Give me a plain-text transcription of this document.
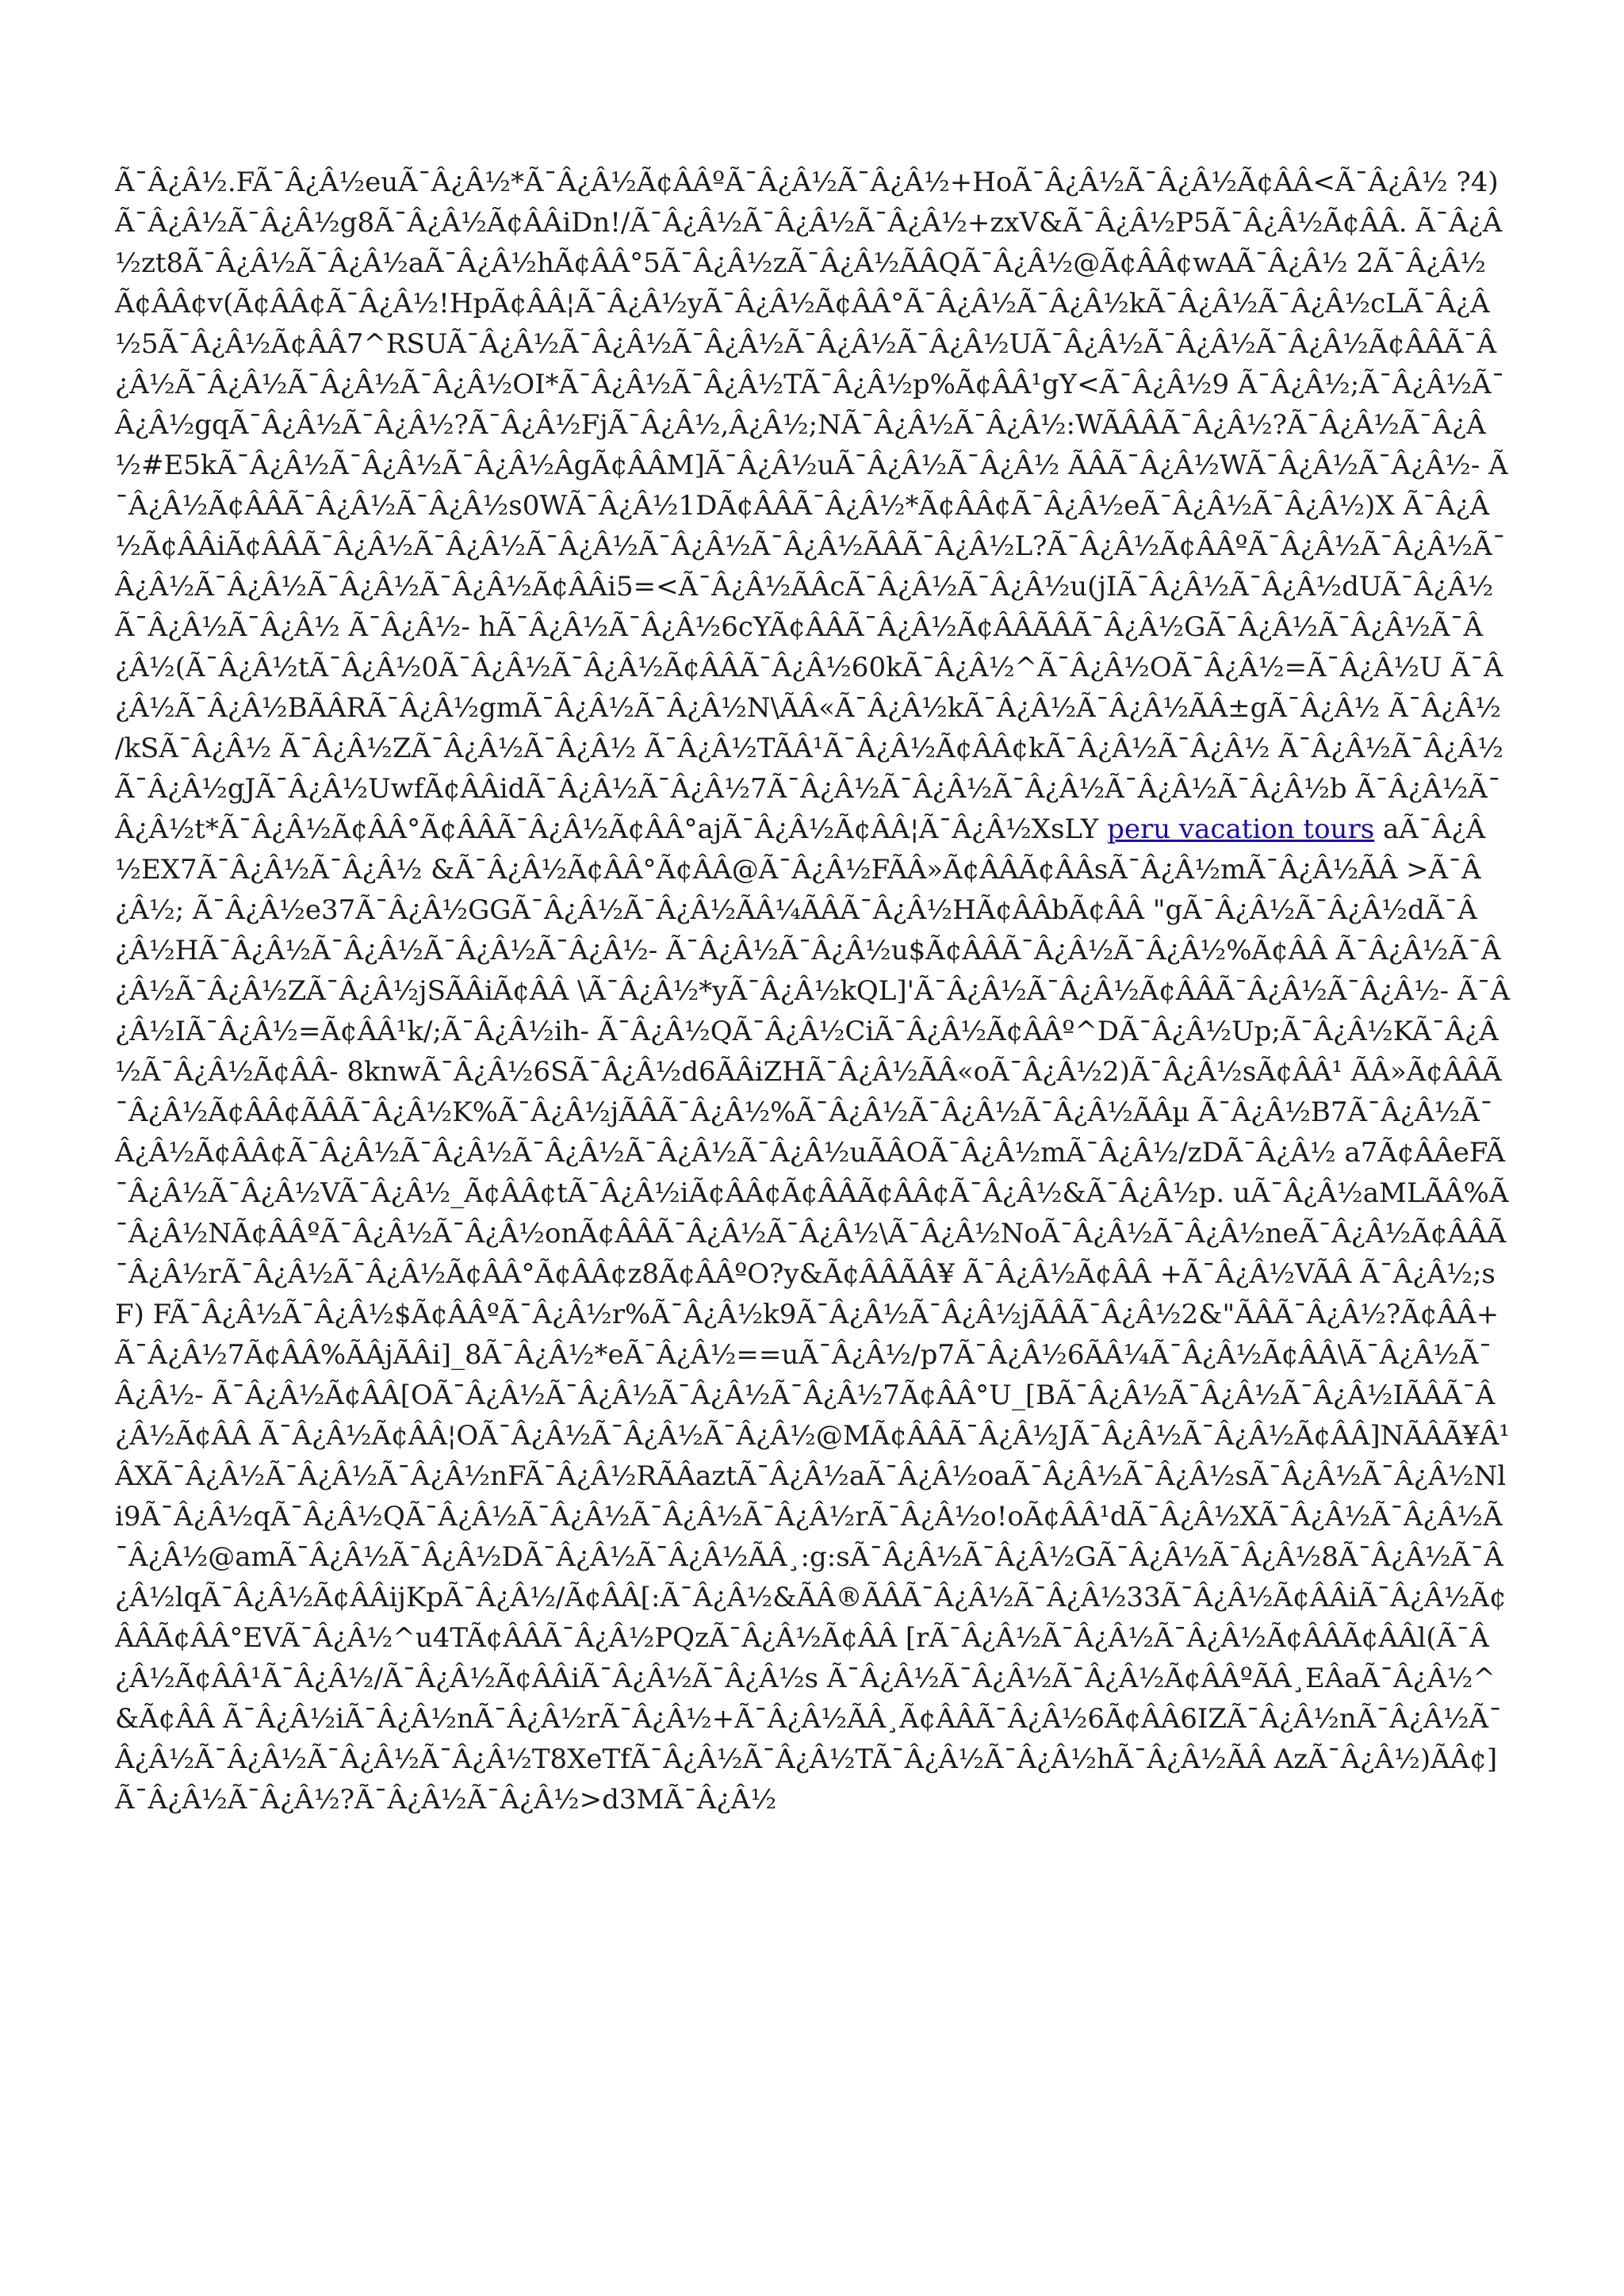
Ã¯Â¿Â½.FÃ¯Â¿Â½euÃ¯Â¿Â½*Ã¯Â¿Â½Ã¢ÂÂºÃ¯Â¿Â½Ã¯Â¿Â½+HoÃ¯Â¿Â½Ã¯Â¿Â½Ã¢ÂÂ<Ã¯Â¿Â½ ?4)Ã¯Â¿Â½Ã¯Â¿Â½g8Ã¯Â¿Â½Ã¢ÂÂiDn!/Ã¯Â¿Â½Ã¯Â¿Â½Ã¯Â¿Â½+zxV&Ã¯Â¿Â½P5Ã¯Â¿Â½Ã¢ÂÂ. Ã¯Â¿Â½zt8Ã¯Â¿Â½Ã¯Â¿Â½aÃ¯Â¿Â½hÃ¢ÂÂ°5Ã¯Â¿Â½zÃ¯Â¿Â½ÃÂQÃ¯Â¿Â½@Ã¢ÂÂ¢wAÃ¯Â¿Â½ 2Ã¯Â¿Â½Ã¢ÂÂ¢v(Ã¢ÂÂ¢Ã¯Â¿Â½!HpÃ¢ÂÂ¦Ã¯Â¿Â½yÃ¯Â¿Â½Ã¢ÂÂ°Ã¯Â¿Â½Ã¯Â¿Â½kÃ¯Â¿Â½Ã¯Â¿Â½cLÃ¯Â¿Â½5Ã¯Â¿Â½Ã¢ÂÂ7^RSUÃ¯Â¿Â½Ã¯Â¿Â½Ã¯Â¿Â½Ã¯Â¿Â½Ã¯Â¿Â½UÃ¯Â¿Â½Ã¯Â¿Â½Ã¯Â¿Â½Ã¢ÂÂÃ¯Â¿Â½Ã¯Â¿Â½Ã¯Â¿Â½Ã¯Â¿Â½OI*Ã¯Â¿Â½Ã¯Â¿Â½TÃ¯Â¿Â½p%Ã¢ÂÂ¹gY<Ã¯Â¿Â½9 Ã¯Â¿Â½;Ã¯Â¿Â½Ã¯Â¿Â½gqÃ¯Â¿Â½Ã¯Â¿Â½?Ã¯Â¿Â½FjÃ¯Â¿Â½,Â¿Â½;NÃ¯Â¿Â½Ã¯Â¿Â½:WÃÂÂÃ¯Â¿Â½?Ã¯Â¿Â½Ã¯Â¿Â½#E5kÃ¯Â¿Â½Ã¯Â¿Â½Ã¯Â¿Â½ÂgÃ¢ÂÂM]Ã¯Â¿Â½uÃ¯Â¿Â½Ã¯Â¿Â½ ÃÂÃ¯Â¿Â½WÃ¯Â¿Â½Ã¯Â¿Â½- Ã¯Â¿Â½Ã¢ÂÂÃ¯Â¿Â½Ã¯Â¿Â½s0WÃ¯Â¿Â½1DÃ¢ÂÂÃ¯Â¿Â½*Ã¢ÂÂ¢Ã¯Â¿Â½eÃ¯Â¿Â½Ã¯Â¿Â½)X Ã¯Â¿Â½Ã¢ÂÂiÃ¢ÂÂÃ¯Â¿Â½Ã¯Â¿Â½Ã¯Â¿Â½Ã¯Â¿Â½Ã¯Â¿Â½ÃÂÃ¯Â¿Â½L?Ã¯Â¿Â½Ã¢ÂÂºÃ¯Â¿Â½Ã¯Â¿Â½Ã¯Â¿Â½Ã¯Â¿Â½Ã¯Â¿Â½Ã¯Â¿Â½Ã¢ÂÂi5=<Ã¯Â¿Â½ÃÂcÃ¯Â¿Â½Ã¯Â¿Â½u(jIÃ¯Â¿Â½Ã¯Â¿Â½dUÃ¯Â¿Â½Ã¯Â¿Â½Ã¯Â¿Â½ Ã¯Â¿Â½- hÃ¯Â¿Â½Ã¯Â¿Â½6cYÃ¢ÂÂÃ¯Â¿Â½Ã¢ÂÂÃÂÃ¯Â¿Â½GÃ¯Â¿Â½Ã¯Â¿Â½Ã¯Â¿Â½(Ã¯Â¿Â½tÃ¯Â¿Â½0Ã¯Â¿Â½Ã¯Â¿Â½Ã¢ÂÂÃ¯Â¿Â½60kÃ¯Â¿Â½^Ã¯Â¿Â½OÃ¯Â¿Â½=Ã¯Â¿Â½U Ã¯Â¿Â½Ã¯Â¿Â½BÃÂRÃ¯Â¿Â½gmÃ¯Â¿Â½Ã¯Â¿Â½N\ÃÂ«Ã¯Â¿Â½kÃ¯Â¿Â½Ã¯Â¿Â½ÃÂ±gÃ¯Â¿Â½ Ã¯Â¿Â½ /kSÃ¯Â¿Â½ Ã¯Â¿Â½ZÃ¯Â¿Â½Ã¯Â¿Â½ Ã¯Â¿Â½TÃÂ¹Ã¯Â¿Â½Ã¢ÂÂ¢kÃ¯Â¿Â½Ã¯Â¿Â½ Ã¯Â¿Â½Ã¯Â¿Â½Ã¯Â¿Â½gJÃ¯Â¿Â½UwfÃ¢ÂÂidÃ¯Â¿Â½Ã¯Â¿Â½7Ã¯Â¿Â½Ã¯Â¿Â½Ã¯Â¿Â½Ã¯Â¿Â½Ã¯Â¿Â½b Ã¯Â¿Â½Ã¯Â¿Â½t*Ã¯Â¿Â½Ã¢ÂÂ°Ã¢ÂÂÃ¯Â¿Â½Ã¢ÂÂ°ajÃ¯Â¿Â½Ã¢ÂÂ¦Ã¯Â¿Â½XsLY peru vacation tours aÃ¯Â¿Â½EX7Ã¯Â¿Â½Ã¯Â¿Â½ &Ã¯Â¿Â½Ã¢ÂÂ°Ã¢ÂÂ@Ã¯Â¿Â½FÃÂ»Ã¢ÂÂÃ¢ÂÂsÃ¯Â¿Â½mÃ¯Â¿Â½ÃÂ >Ã¯Â¿Â½; Ã¯Â¿Â½e37Ã¯Â¿Â½GGÃ¯Â¿Â½Ã¯Â¿Â½ÃÂ¼ÃÂÃ¯Â¿Â½HÃ¢ÂÂbÃ¢ÂÂ "gÃ¯Â¿Â½Ã¯Â¿Â½dÃ¯Â¿Â½HÃ¯Â¿Â½Ã¯Â¿Â½Ã¯Â¿Â½Ã¯Â¿Â½- Ã¯Â¿Â½Ã¯Â¿Â½u$Ã¢ÂÂÃ¯Â¿Â½Ã¯Â¿Â½%Ã¢ÂÂ Ã¯Â¿Â½Ã¯Â¿Â½Ã¯Â¿Â½ZÃ¯Â¿Â½jSÃÂiÃ¢ÂÂ \Ã¯Â¿Â½*yÃ¯Â¿Â½kQL]'Ã¯Â¿Â½Ã¯Â¿Â½Ã¢ÂÂÃ¯Â¿Â½Ã¯Â¿Â½- Ã¯Â¿Â½IÃ¯Â¿Â½=Ã¢ÂÂ¹k/;Ã¯Â¿Â½ih- Ã¯Â¿Â½QÃ¯Â¿Â½CiÃ¯Â¿Â½Ã¢ÂÂº^DÃ¯Â¿Â½Up;Ã¯Â¿Â½KÃ¯Â¿Â½Ã¯Â¿Â½Ã¢ÂÂ- 8knwÃ¯Â¿Â½6SÃ¯Â¿Â½d6ÃÂiZHÃ¯Â¿Â½ÃÂ«oÃ¯Â¿Â½2)Ã¯Â¿Â½sÃ¢ÂÂ¹ ÃÂ»Ã¢ÂÂÃ¯Â¿Â½Ã¢ÂÂ¢ÃÂÃ¯Â¿Â½K%Ã¯Â¿Â½jÃÂÃ¯Â¿Â½%Ã¯Â¿Â½Ã¯Â¿Â½Ã¯Â¿Â½ÃÂµ Ã¯Â¿Â½B7Ã¯Â¿Â½Ã¯Â¿Â½Ã¢ÂÂ¢Ã¯Â¿Â½Ã¯Â¿Â½Ã¯Â¿Â½Ã¯Â¿Â½Ã¯Â¿Â½uÃÂOÃ¯Â¿Â½mÃ¯Â¿Â½/zDÃ¯Â¿Â½ a7Ã¢ÂÂeFÃ¯Â¿Â½Ã¯Â¿Â½VÃ¯Â¿Â½_Ã¢ÂÂ¢tÃ¯Â¿Â½iÃ¢ÂÂ¢Ã¢ÂÂÃ¢ÂÂ¢Ã¯Â¿Â½&Ã¯Â¿Â½p. uÃ¯Â¿Â½aMLÃÂ%Ã¯Â¿Â½NÃ¢ÂÂºÃ¯Â¿Â½Ã¯Â¿Â½onÃ¢ÂÂÃ¯Â¿Â½Ã¯Â¿Â½\Ã¯Â¿Â½NoÃ¯Â¿Â½Ã¯Â¿Â½neÃ¯Â¿Â½Ã¢ÂÂÃ¯Â¿Â½rÃ¯Â¿Â½Ã¯Â¿Â½Ã¢ÂÂ°Ã¢ÂÂ¢z8Ã¢ÂÂºO?y&Ã¢ÂÂÃÂ¥ Ã¯Â¿Â½Ã¢ÂÂ +Ã¯Â¿Â½VÃÂ Ã¯Â¿Â½;sF) FÃ¯Â¿Â½Ã¯Â¿Â½$Ã¢ÂÂºÃ¯Â¿Â½r%Ã¯Â¿Â½k9Ã¯Â¿Â½Ã¯Â¿Â½jÃÂÃ¯Â¿Â½2&"ÃÂÃ¯Â¿Â½?Ã¢ÂÂ+Ã¯Â¿Â½7Ã¢ÂÂ%ÃÂjÃÂi]_8Ã¯Â¿Â½*eÃ¯Â¿Â½==uÃ¯Â¿Â½/p7Ã¯Â¿Â½6ÃÂ¼Ã¯Â¿Â½Ã¢ÂÂ\Ã¯Â¿Â½Ã¯Â¿Â½- Ã¯Â¿Â½Ã¢ÂÂ[OÃ¯Â¿Â½Ã¯Â¿Â½Ã¯Â¿Â½Ã¯Â¿Â½7Ã¢ÂÂ°U_[BÃ¯Â¿Â½Ã¯Â¿Â½Ã¯Â¿Â½IÃÂÃ¯Â¿Â½Ã¢ÂÂ Ã¯Â¿Â½Ã¢ÂÂ¦OÃ¯Â¿Â½Ã¯Â¿Â½Ã¯Â¿Â½@MÃ¢ÂÂÃ¯Â¿Â½JÃ¯Â¿Â½Ã¯Â¿Â½Ã¢ÂÂ]NÃÂÃ¥Â¹ÂXÃ¯Â¿Â½Ã¯Â¿Â½Ã¯Â¿Â½nFÃ¯Â¿Â½RÃÂaztÃ¯Â¿Â½aÃ¯Â¿Â½oaÃ¯Â¿Â½Ã¯Â¿Â½sÃ¯Â¿Â½Ã¯Â¿Â½Nli9Ã¯Â¿Â½qÃ¯Â¿Â½QÃ¯Â¿Â½Ã¯Â¿Â½Ã¯Â¿Â½Ã¯Â¿Â½rÃ¯Â¿Â½o!oÃ¢ÂÂ¹dÃ¯Â¿Â½XÃ¯Â¿Â½Ã¯Â¿Â½Ã¯Â¿Â½@amÃ¯Â¿Â½Ã¯Â¿Â½DÃ¯Â¿Â½Ã¯Â¿Â½ÃÂ¸:g:sÃ¯Â¿Â½Ã¯Â¿Â½GÃ¯Â¿Â½Ã¯Â¿Â½8Ã¯Â¿Â½Ã¯Â¿Â½lqÃ¯Â¿Â½Ã¢ÂÂijKpÃ¯Â¿Â½/Ã¢ÂÂ[:Ã¯Â¿Â½&ÃÂ®ÃÂÃ¯Â¿Â½Ã¯Â¿Â½33Ã¯Â¿Â½Ã¢ÂÂiÃ¯Â¿Â½Ã¢ÂÂÃ¢ÂÂ°EVÃ¯Â¿Â½^u4TÃ¢ÂÂÃ¯Â¿Â½PQzÃ¯Â¿Â½Ã¢ÂÂ [rÃ¯Â¿Â½Ã¯Â¿Â½Ã¯Â¿Â½Ã¢ÂÂÃ¢ÂÂl(Ã¯Â¿Â½Ã¢ÂÂ¹Ã¯Â¿Â½/Ã¯Â¿Â½Ã¢ÂÂiÃ¯Â¿Â½Ã¯Â¿Â½s Ã¯Â¿Â½Ã¯Â¿Â½Ã¯Â¿Â½Ã¢ÂÂºÃÂ¸EÂaÃ¯Â¿Â½^&Ã¢ÂÂ Ã¯Â¿Â½iÃ¯Â¿Â½nÃ¯Â¿Â½rÃ¯Â¿Â½+Ã¯Â¿Â½ÃÂ¸Ã¢ÂÂÃ¯Â¿Â½6Ã¢ÂÂ6IZÃ¯Â¿Â½nÃ¯Â¿Â½Ã¯Â¿Â½Ã¯Â¿Â½Ã¯Â¿Â½Ã¯Â¿Â½T8XeTfÃ¯Â¿Â½Ã¯Â¿Â½TÃ¯Â¿Â½Ã¯Â¿Â½hÃ¯Â¿Â½ÃÂ AzÃ¯Â¿Â½)ÃÂ¢]Ã¯Â¿Â½Ã¯Â¿Â½?Ã¯Â¿Â½Ã¯Â¿Â½>d3MÃ¯Â¿Â½
